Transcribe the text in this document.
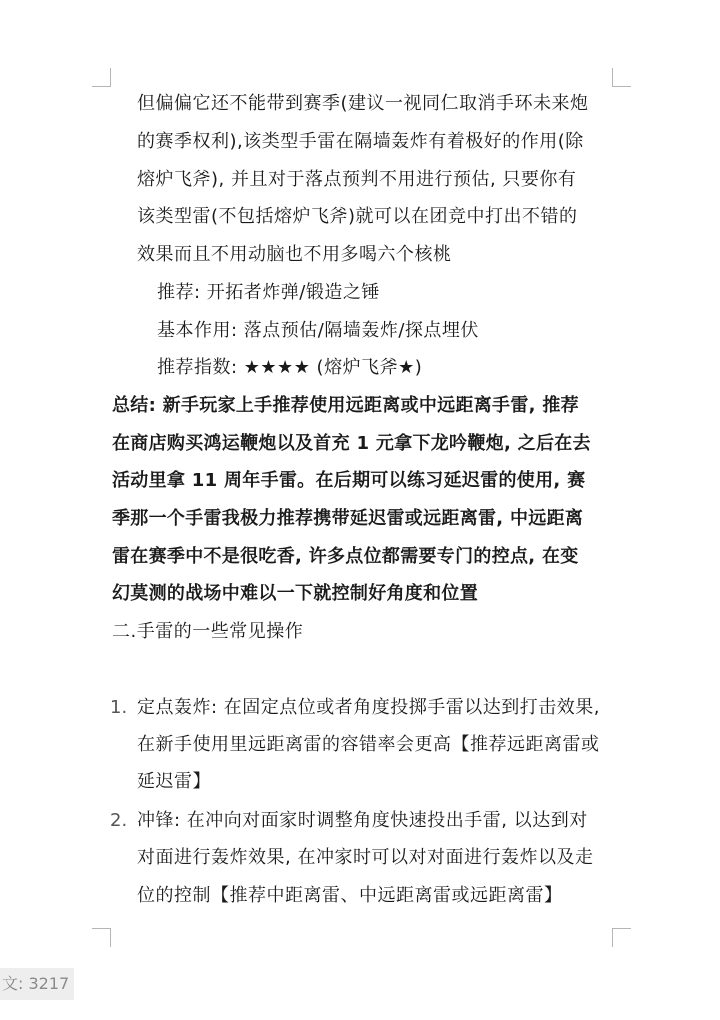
但偏偏它还不能带到赛季(建议一视同仁取消手环未来炮
的赛季权利),该类型手雷在隔墙轰炸有着极好的作用(除
熔炉飞斧), 并且对于落点预判不用进行预估, 只要你有
该类型雷(不包括熔炉飞斧)就可以在团竞中打出不错的
效果而且不用动脑也不用多喝六个核桃
推荐: 开拓者炸弹/锻造之锤
基本作用: 落点预估/隔墙轰炸/探点埋伏
推荐指数: ★★★★ (熔炉飞斧★)
总结: 新手玩家上手推荐使用远距离或中远距离手雷, 推荐
在商店购买鸿运鞭炮以及首充 1 元拿下龙吟鞭炮, 之后在去
活动里拿 11 周年手雷。在后期可以练习延迟雷的使用, 赛
季那一个手雷我极力推荐携带延迟雷或远距离雷, 中远距离
雷在赛季中不是很吃香, 许多点位都需要专门的控点, 在变
幻莫测的战场中难以一下就控制好角度和位置
二.手雷的一些常见操作
1. 定点轰炸: 在固定点位或者角度投掷手雷以达到打击效果,
在新手使用里远距离雷的容错率会更高【推荐远距离雷或
延迟雷】
2. 冲锋: 在冲向对面家时调整角度快速投出手雷, 以达到对
对面进行轰炸效果, 在冲家时可以对对面进行轰炸以及走
位的控制【推荐中距离雷、中远距离雷或远距离雷】
文: 3217
